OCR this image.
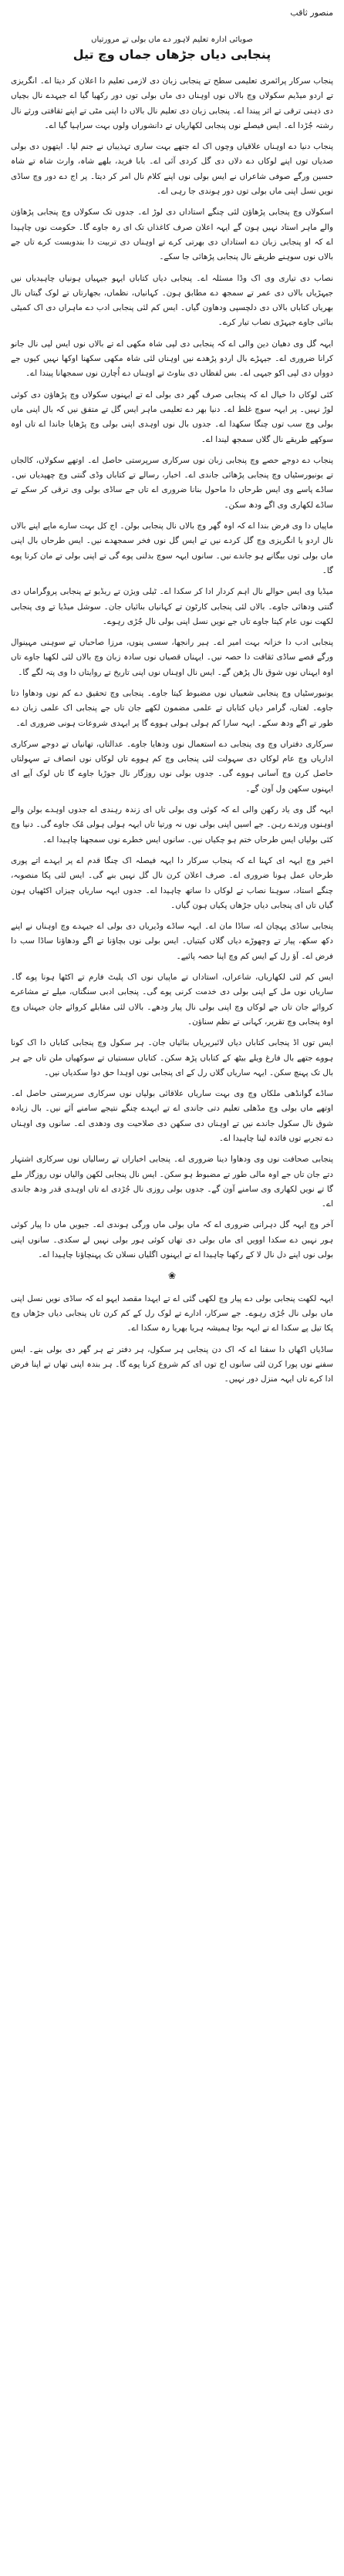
منصور ثاقب
صوبائی ادارہ تعلیم لاہور دے ماں بولی تے مرورتیاں
پنجابی دیاں جڑھاں جماں وچ تیل

پنجاب سرکار پرائمری تعلیمی سطح تے پنجابی زبان دی لازمی تعلیم دا اعلان کر دیتا اے۔ انگریزی تے اردو میڈیم سکولاں وچ بالاں نوں اوہناں دی ماں بولی توں دور رکھیا گیا اے جیہدے نال بچیاں دی ذہنی ترقی تے اثر پیندا اے۔ پنجابی زبان دی تعلیم نال بالاں دا اپنی مٹی تے اپنے ثقافتی ورثے نال رشتہ جُڑدا اے۔ ایس فیصلے نوں پنجابی لکھاریاں تے دانشوراں ولوں بہت سراہیا گیا اے۔

پنجاب دنیا دے اوہناں علاقیاں وچوں اک اے جتھے بہت ساری تہذیباں نے جنم لیا۔ ایتھوں دی بولی صدیاں توں اپنے لوکاں دے دلاں دی گل کردی آئی اے۔ بابا فرید، بلھے شاہ، وارث شاہ تے شاہ حسین ورگے صوفی شاعراں نے ایس بولی نوں اپنے کلام نال امر کر دیتا۔ پر اج دے دور وچ ساڈی نویں نسل اپنی ماں بولی توں دور ہوندی جا رہی اے۔

اسکولاں وچ پنجابی پڑھاؤن لئی چنگے استاداں دی لوڑ اے۔ جدوں تک سکولاں وچ پنجابی پڑھاؤن والے ماہر استاد نہیں ہون گے ایہہ اعلان صرف کاغذاں تک ای رہ جاوے گا۔ حکومت نوں چاہیدا اے کہ او پنجابی زبان دے استاداں دی بھرتی کرے تے اوہناں دی تربیت دا بندوبست کرے تاں جے بالاں نوں سوہنے طریقے نال پنجابی پڑھائی جا سکے۔

نصاب دی تیاری وی اک وڈا مسئلہ اے۔ پنجابی دیاں کتاباں ایہو جیہیاں ہونیاں چاہیدیاں نیں جیہڑیاں بالاں دی عمر تے سمجھ دے مطابق ہون۔ کہانیاں، نظماں، بجھارتاں تے لوک گیتاں نال بھریاں کتاباں بالاں دی دلچسپی ودھاون گیاں۔ ایس کم لئی پنجابی ادب دے ماہراں دی اک کمیٹی بنائی جاوے جیہڑی نصاب تیار کرے۔

ایہہ گل وی دھیان دین والی اے کہ پنجابی دی لپی شاہ مکھی اے تے بالاں نوں ایس لپی نال جانو کرانا ضروری اے۔ جیہڑے بال اردو پڑھدے نیں اوہناں لئی شاہ مکھی سکھنا اوکھا نہیں کیوں جے دوواں دی لپی اکو جیہی اے۔ بس لفظاں دی بناوٹ تے اوہناں دے اُچارن نوں سمجھانا پیندا اے۔

کئی لوکاں دا خیال اے کہ پنجابی صرف گھر دی بولی اے تے ایہنوں سکولاں وچ پڑھاؤن دی کوئی لوڑ نہیں۔ پر ایہہ سوچ غلط اے۔ دنیا بھر دے تعلیمی ماہر ایس گل تے متفق نیں کہ بال اپنی ماں بولی وچ سب توں چنگا سکھدا اے۔ جدوں بال نوں اوہدی اپنی بولی وچ پڑھایا جاندا اے تاں اوہ سوکھے طریقے نال گلاں سمجھ لیندا اے۔

پنجاب دے دوجے حصے وچ پنجابی زبان نوں سرکاری سرپرستی حاصل اے۔ اوتھے سکولاں، کالجاں تے یونیورسٹیاں وچ پنجابی پڑھائی جاندی اے۔ اخبار، رسالے تے کتاباں وڈی گنتی وچ چھپدیاں نیں۔ ساڈے پاسے وی ایس طرحاں دا ماحول بنانا ضروری اے تاں جے ساڈی بولی وی ترقی کر سکے تے ساڈے لکھاری وی اگے ودھ سکن۔

ماپیاں دا وی فرض بندا اے کہ اوہ گھر وچ بالاں نال پنجابی بولن۔ اج کل بہت سارے ماپے اپنے بالاں نال اردو یا انگریزی وچ گل کردے نیں تے ایس گل نوں فخر سمجھدے نیں۔ ایس طرحاں بال اپنی ماں بولی توں بیگانے ہو جاندے نیں۔ سانوں ایہہ سوچ بدلنی پوے گی تے اپنی بولی تے مان کرنا پوے گا۔

میڈیا وی ایس حوالے نال اہم کردار ادا کر سکدا اے۔ ٹیلی ویژن تے ریڈیو تے پنجابی پروگراماں دی گنتی ودھائی جاوے۔ بالاں لئی پنجابی کارٹون تے کہانیاں بنائیاں جان۔ سوشل میڈیا تے وی پنجابی لکھت نوں عام کیتا جاوے تاں جے نویں نسل اپنی بولی نال جُڑی رہوے۔

پنجابی ادب دا خزانہ بہت امیر اے۔ ہیر رانجھا، سسی پنوں، مرزا صاحباں تے سوہنی مہینوال ورگے قصے ساڈی ثقافت دا حصہ نیں۔ ایہناں قصیاں نوں سادہ زبان وچ بالاں لئی لکھیا جاوے تاں اوہ ایہناں نوں شوق نال پڑھن گے۔ ایس نال اوہناں نوں اپنی تاریخ تے روایتاں دا وی پتہ لگے گا۔

یونیورسٹیاں وچ پنجابی شعبیاں نوں مضبوط کیتا جاوے۔ پنجابی وچ تحقیق دے کم نوں ودھاوا دتا جاوے۔ لغتاں، گرامر دیاں کتاباں تے علمی مضمون لکھے جان تاں جے پنجابی اک علمی زبان دے طور تے اگے ودھ سکے۔ ایہہ سارا کم ہولی ہولی ہووے گا پر ایہدی شروعات ہونی ضروری اے۔

سرکاری دفتراں وچ وی پنجابی دے استعمال نوں ودھایا جاوے۔ عدالتاں، تھانیاں تے دوجے سرکاری اداریاں وچ عام لوکاں دی سہولت لئی پنجابی وچ کم ہووے تاں لوکاں نوں انصاف تے سہولتاں حاصل کرن وچ آسانی ہووے گی۔ جدوں بولی نوں روزگار نال جوڑیا جاوے گا تاں لوک آپے ای ایہنوں سکھن ول آون گے۔

ایہہ گل وی یاد رکھن والی اے کہ کوئی وی بولی تاں ای زندہ رہندی اے جدوں اوہدے بولن والے اوہنوں ورتدے رہن۔ جے اسیں اپنی بولی نوں نہ ورتیا تاں ایہہ ہولی ہولی مُک جاوے گی۔ دنیا وچ کئی بولیاں ایس طرحاں ختم ہو چکیاں نیں۔ سانوں ایس خطرے نوں سمجھنا چاہیدا اے۔

اخیر وچ ایہہ ای کہنا اے کہ پنجاب سرکار دا ایہہ فیصلہ اک چنگا قدم اے پر ایہدے اتے پوری طرحاں عمل ہونا ضروری اے۔ صرف اعلان کرن نال گل نہیں بنے گی۔ ایس لئی پکا منصوبہ، چنگے استاد، سوہنا نصاب تے لوکاں دا ساتھ چاہیدا اے۔ جدوں ایہہ ساریاں چیزاں اکٹھیاں ہون گیاں تاں ای پنجابی دیاں جڑھاں پکیاں ہون گیاں۔

پنجابی ساڈی پہچان اے، ساڈا مان اے۔ ایہہ ساڈے وڈیریاں دی بولی اے جیہدے وچ اوہناں نے اپنے دکھ سکھ، پیار تے وچھوڑے دیاں گلاں کیتیاں۔ ایس بولی نوں بچاؤنا تے اگے ودھاؤنا ساڈا سب دا فرض اے۔ آؤ رل کے ایس کم وچ اپنا حصہ پائیے۔

ایس کم لئی لکھاریاں، شاعراں، استاداں تے ماپیاں نوں اک پلیٹ فارم تے اکٹھا ہونا پوے گا۔ ساریاں نوں مل کے اپنی بولی دی خدمت کرنی پوے گی۔ پنجابی ادبی سنگتاں، میلے تے مشاعرے کروائے جان تاں جے لوکاں وچ اپنی بولی نال پیار ودھے۔ بالاں لئی مقابلے کروائے جان جیہناں وچ اوہ پنجابی وچ تقریر، کہانی تے نظم سناؤن۔

ایس توں اڈ پنجابی کتاباں دیاں لائبریریاں بنائیاں جان۔ ہر سکول وچ پنجابی کتاباں دا اک کونا ہووے جتھے بال فارغ ویلے بیٹھ کے کتاباں پڑھ سکن۔ کتاباں سستیاں تے سوکھیاں ملن تاں جے ہر بال تک پہنچ سکن۔ ایہہ ساریاں گلاں رل کے ای پنجابی نوں اوہدا حق دوا سکدیاں نیں۔

ساڈے گوانڈھی ملکاں وچ وی بہت ساریاں علاقائی بولیاں نوں سرکاری سرپرستی حاصل اے۔ اوتھے ماں بولی وچ مڈھلی تعلیم دتی جاندی اے تے ایہدے چنگے نتیجے سامنے آئے نیں۔ بال زیادہ شوق نال سکول جاندے نیں تے اوہناں دی سکھن دی صلاحیت وی ودھدی اے۔ سانوں وی اوہناں دے تجربے توں فائدہ لینا چاہیدا اے۔

پنجابی صحافت نوں وی ودھاوا دینا ضروری اے۔ پنجابی اخباراں تے رسالیاں نوں سرکاری اشتہار دتے جان تاں جے اوہ مالی طور تے مضبوط ہو سکن۔ ایس نال پنجابی لکھن والیاں نوں روزگار ملے گا تے نویں لکھاری وی سامنے آون گے۔ جدوں بولی روزی نال جُڑدی اے تاں اوہدی قدر ودھ جاندی اے۔

آخر وچ ایہہ گل دہرانی ضروری اے کہ ماں بولی ماں ورگی ہوندی اے۔ جیویں ماں دا پیار کوئی ہور نہیں دے سکدا اوویں ای ماں بولی دی تھاں کوئی ہور بولی نہیں لے سکدی۔ سانوں اپنی بولی نوں اپنے دل نال لا کے رکھنا چاہیدا اے تے ایہنوں اگلیاں نسلاں تک پہنچاؤنا چاہیدا اے۔

❀

ایہہ لکھت پنجابی بولی دے پیار وچ لکھی گئی اے تے ایہدا مقصد ایہو اے کہ ساڈی نویں نسل اپنی ماں بولی نال جُڑی رہوے۔ جے سرکار، ادارے تے لوک رل کے کم کرن تاں پنجابی دیاں جڑھاں وچ پکا تیل پے سکدا اے تے ایہہ بوٹا ہمیشہ ہریا بھریا رہ سکدا اے۔

ساڈیاں اکھاں دا سفنا اے کہ اک دن پنجابی ہر سکول، ہر دفتر تے ہر گھر دی بولی بنے۔ ایس سفنے نوں پورا کرن لئی سانوں اج توں ای کم شروع کرنا پوے گا۔ ہر بندہ اپنی تھاں تے اپنا فرض ادا کرے تاں ایہہ منزل دور نہیں۔
